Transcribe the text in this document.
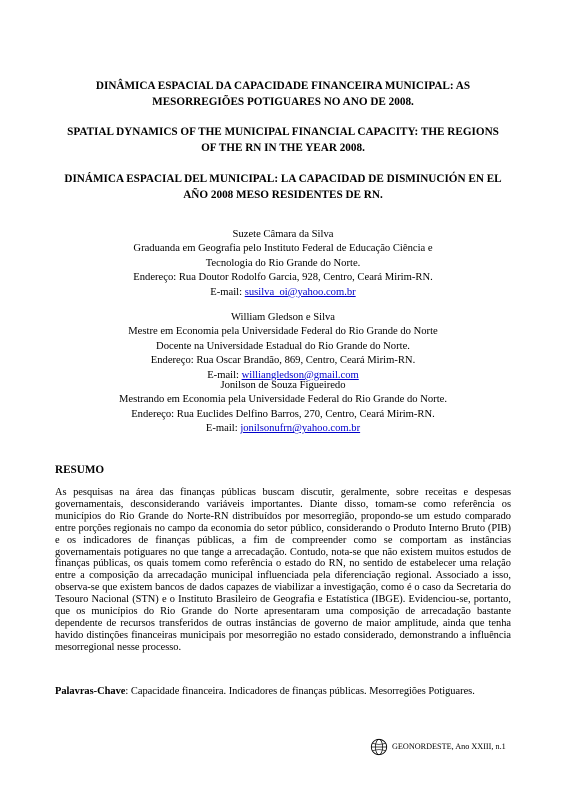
DINÂMICA ESPACIAL DA CAPACIDADE FINANCEIRA MUNICIPAL: AS
MESORREGIÕES POTIGUARES NO ANO DE 2008.

SPATIAL DYNAMICS OF THE MUNICIPAL FINANCIAL CAPACITY: THE REGIONS
OF THE RN IN THE YEAR 2008.

DINÁMICA ESPACIAL DEL MUNICIPAL: LA CAPACIDAD DE DISMINUCIÓN EN EL
AÑO 2008 MESO RESIDENTES DE RN.

Suzete Câmara da Silva
Graduanda em Geografia pelo Instituto Federal de Educação Ciência e
Tecnologia do Rio Grande do Norte.
Endereço: Rua Doutor Rodolfo Garcia, 928, Centro, Ceará Mirim-RN.
E-mail: susilva_oi@yahoo.com.br
William Gledson e Silva
Mestre em Economia pela Universidade Federal do Rio Grande do Norte
Docente na Universidade Estadual do Rio Grande do Norte.
Endereço: Rua Oscar Brandão, 869, Centro, Ceará Mirim-RN.
E-mail: williangledson@gmail.com
Jonilson de Souza Figueiredo
Mestrando em Economia pela Universidade Federal do Rio Grande do Norte.
Endereço: Rua Euclides Delfino Barros, 270, Centro, Ceará Mirim-RN.
E-mail: jonilsonufrn@yahoo.com.br
RESUMO

As pesquisas na área das finanças públicas buscam discutir, geralmente, sobre receitas e despesas governamentais, desconsiderando variáveis importantes. Diante disso, tomam-se como referência os municípios do Rio Grande do Norte-RN distribuídos por mesorregião, propondo-se um estudo comparado entre porções regionais no campo da economia do setor público, considerando o Produto Interno Bruto (PIB) e os indicadores de finanças públicas, a fim de compreender como se comportam as instâncias governamentais potiguares no que tange a arrecadação. Contudo, nota-se que não existem muitos estudos de finanças públicas, os quais tomem como referência o estado do RN, no sentido de estabelecer uma relação entre a composição da arrecadação municipal influenciada pela diferenciação regional. Associado a isso, observa-se que existem bancos de dados capazes de viabilizar a investigação, como é o caso da Secretaria do Tesouro Nacional (STN) e o Instituto Brasileiro de Geografia e Estatística (IBGE). Evidenciou-se, portanto, que os municípios do Rio Grande do Norte apresentaram uma composição de arrecadação bastante dependente de recursos transferidos de outras instâncias de governo de maior amplitude, ainda que tenha havido distinções financeiras municipais por mesorregião no estado considerado, demonstrando a influência mesorregional nesse processo.

Palavras-Chave: Capacidade financeira. Indicadores de finanças públicas. Mesorregiões Potiguares.

GEONORDESTE, Ano XXIII, n.1
